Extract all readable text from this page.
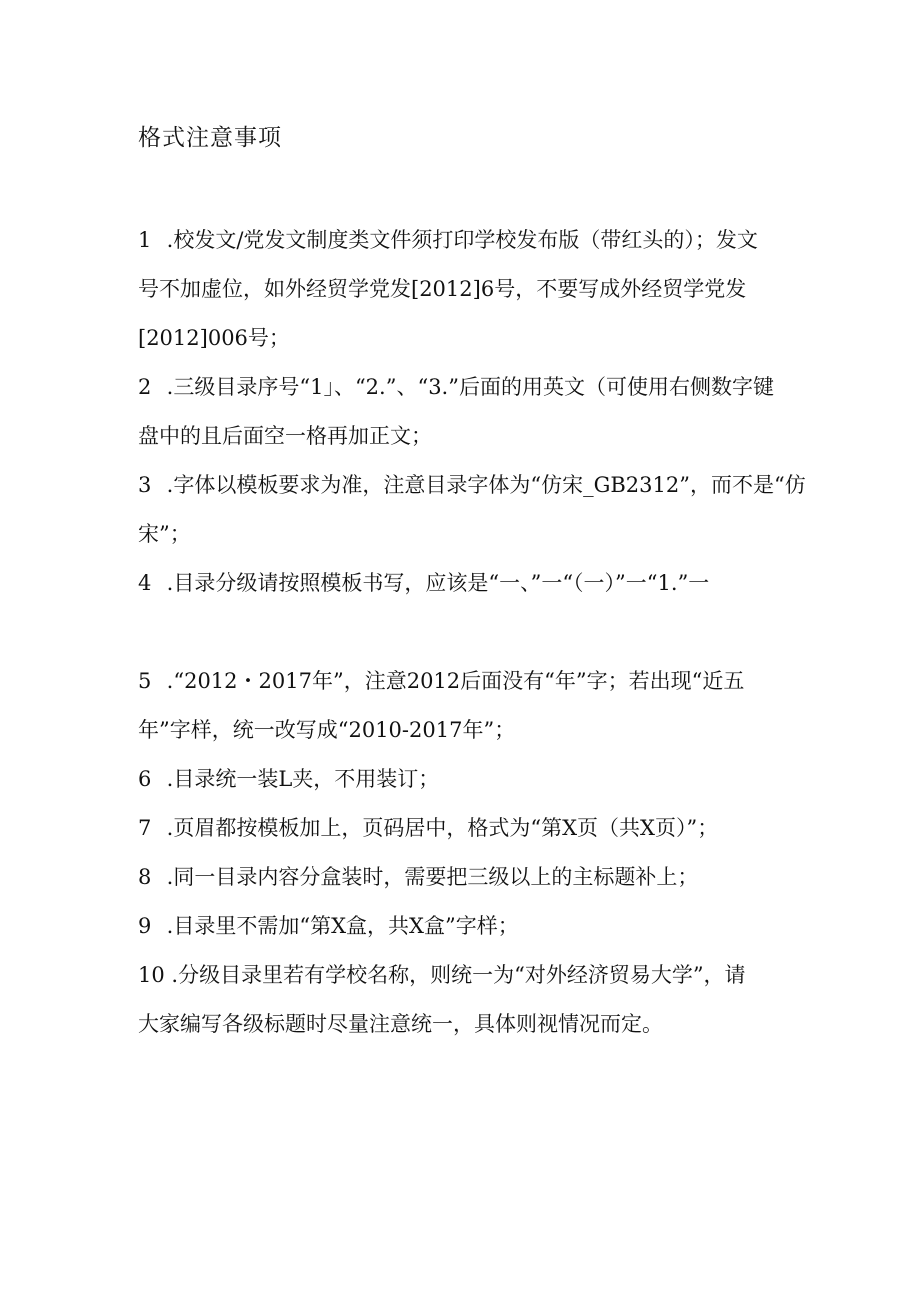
格式注意事项
1 .校发文/党发文制度类文件须打印学校发布版（带红头的）；发文
号不加虚位，如外经贸学党发[2012]6号，不要写成外经贸学党发
[2012]006号；
2 .三级目录序号“1」、“2.”、“3.”后面的用英文（可使用右侧数字键
盘中的且后面空一格再加正文；
3 .字体以模板要求为准，注意目录字体为“仿宋_GB2312”，而不是“仿
宋”；
4 .目录分级请按照模板书写，应该是“一、”一“（一）”一“1.”一
5 .“2012・2017年”，注意2012后面没有“年”字；若出现“近五
年”字样，统一改写成“2010-2017年”；
6 .目录统一装L夹，不用装订；
7 .页眉都按模板加上，页码居中，格式为“第X页（共X页）”；
8 .同一目录内容分盒装时，需要把三级以上的主标题补上；
9 .目录里不需加“第X盒，共X盒”字样；
10 .分级目录里若有学校名称，则统一为“对外经济贸易大学”，请
大家编写各级标题时尽量注意统一，具体则视情况而定。
